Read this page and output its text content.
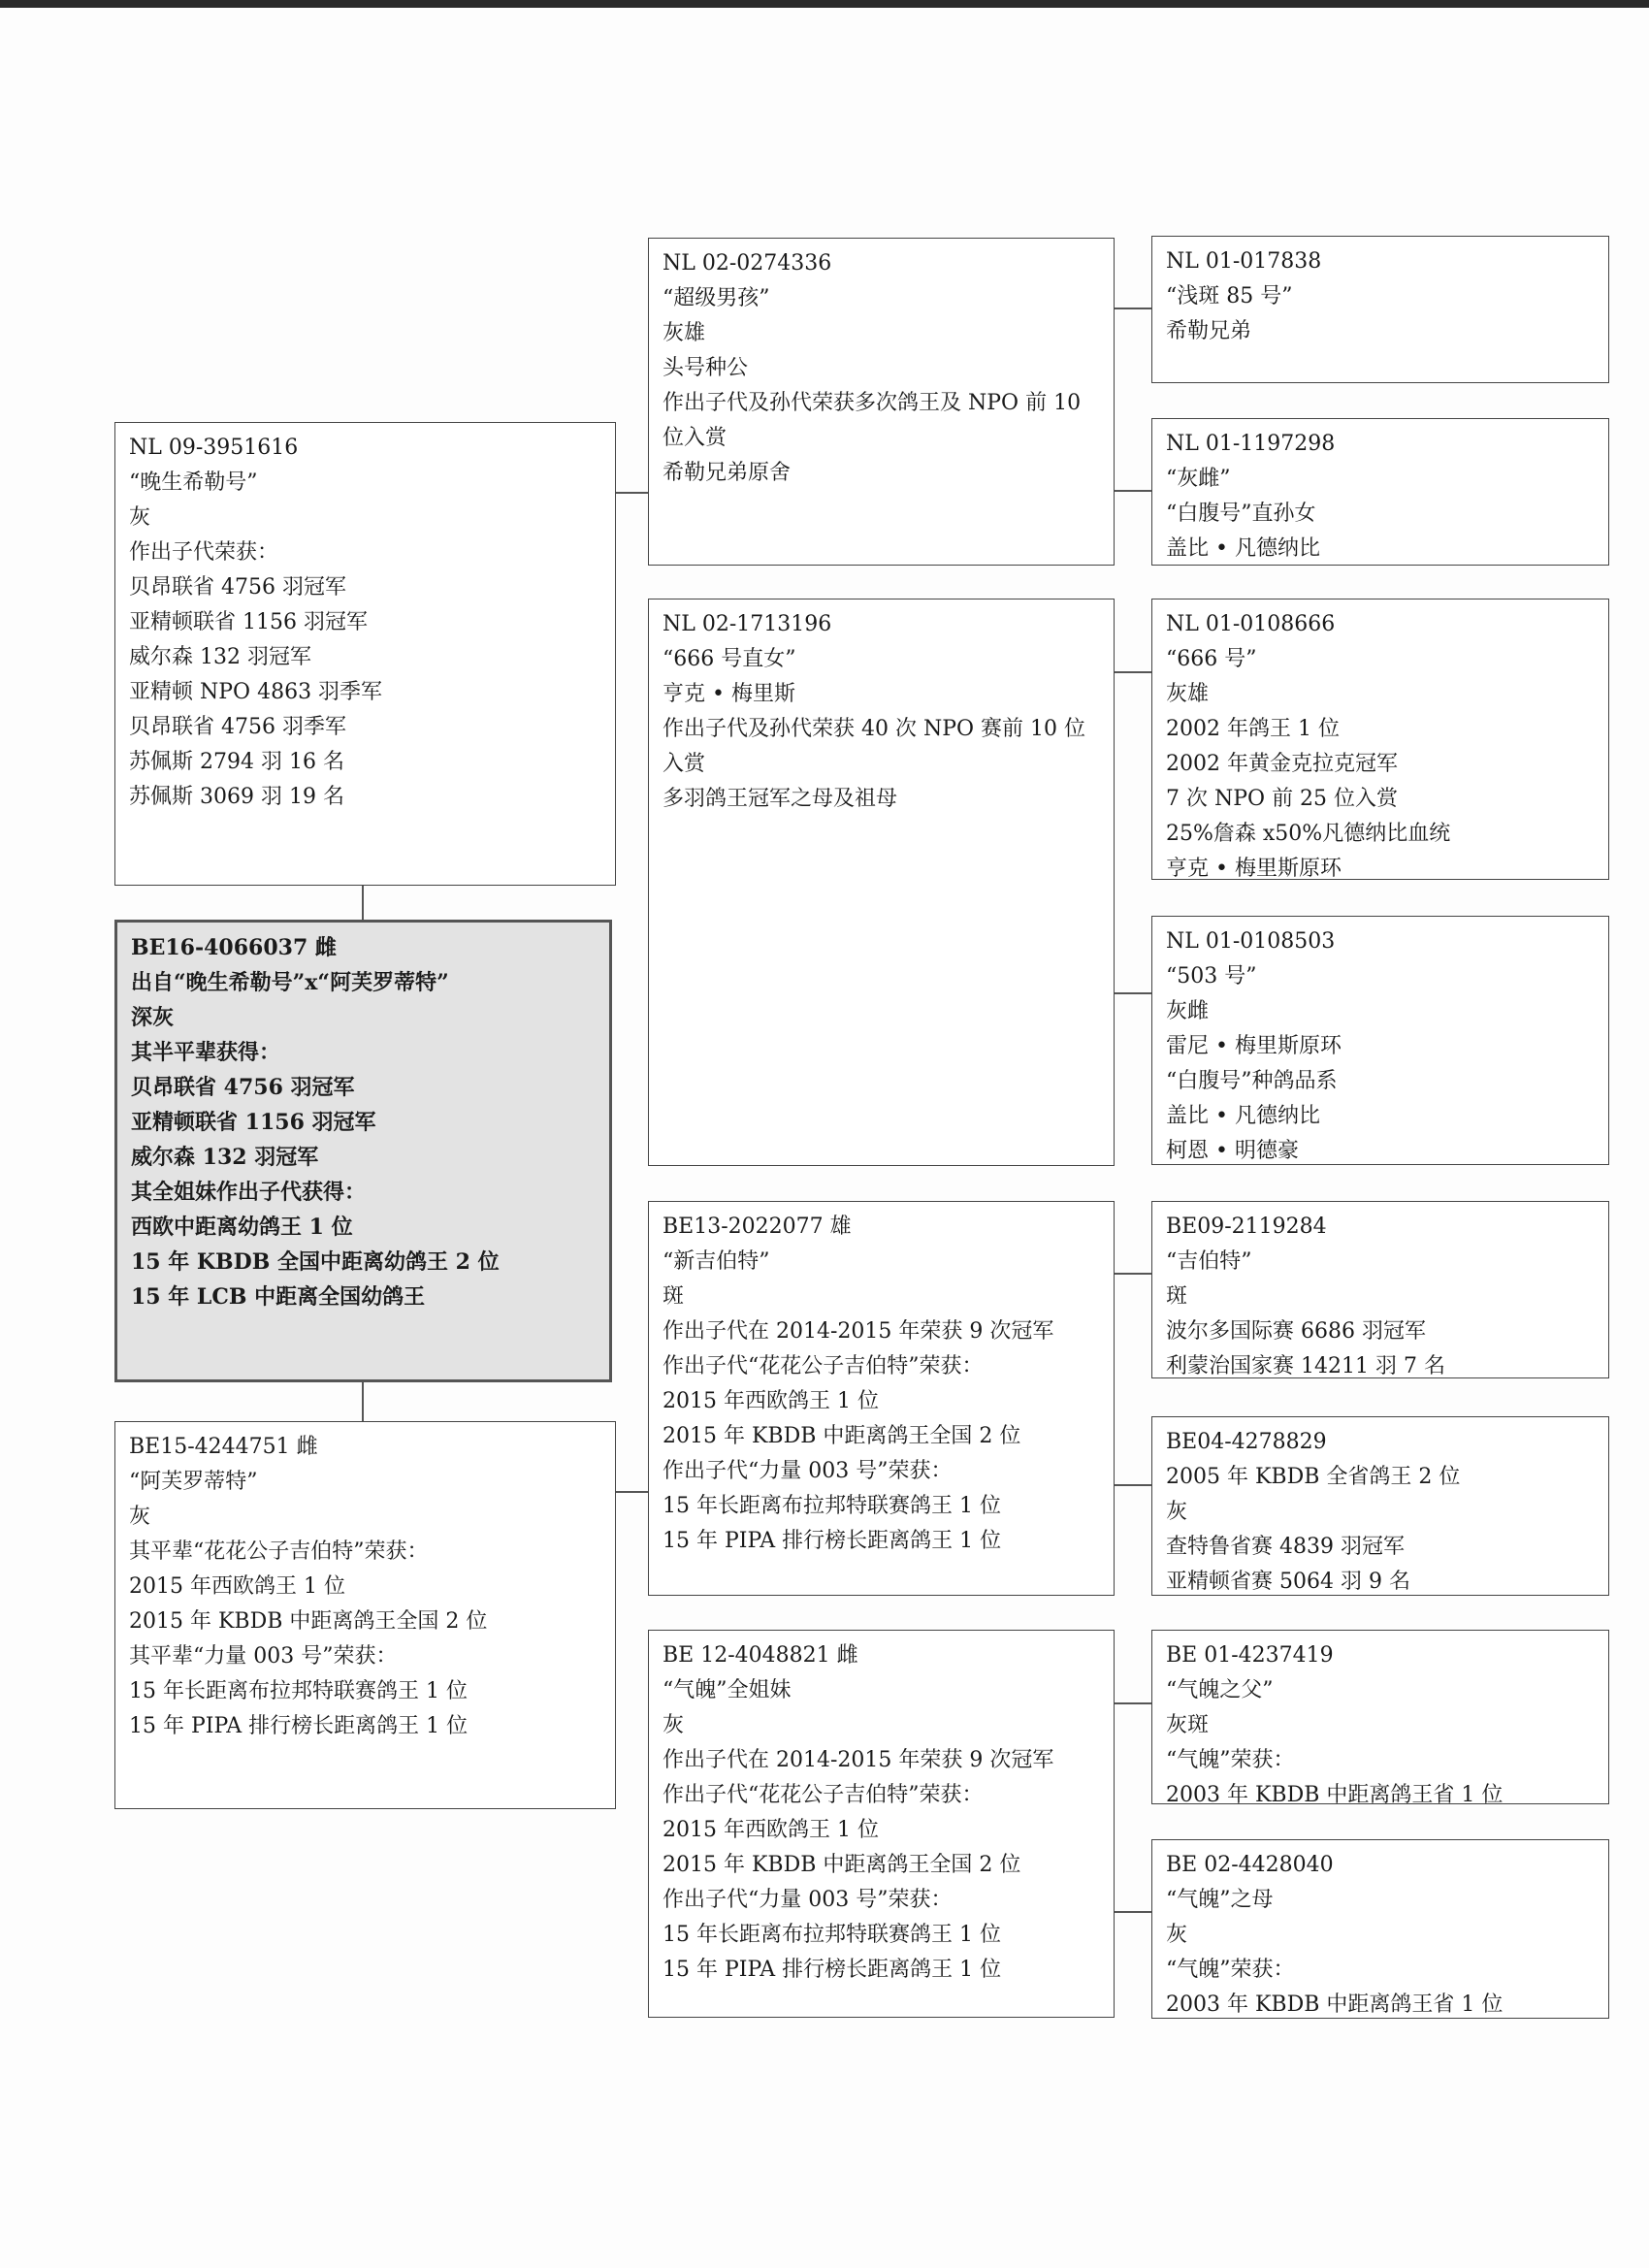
NL 09-3951616
“晚生希勒号”
灰
作出子代荣获：
贝昂联省 4756 羽冠军
亚精顿联省 1156 羽冠军
威尔森 132 羽冠军
亚精顿 NPO 4863 羽季军
贝昂联省 4756 羽季军
苏佩斯 2794 羽 16 名
苏佩斯 3069 羽 19 名
BE16-4066037 雌
出自“晚生希勒号”x“阿芙罗蒂特”
深灰
其半平辈获得：
贝昂联省 4756 羽冠军
亚精顿联省 1156 羽冠军
威尔森 132 羽冠军
其全姐妹作出子代获得：
西欧中距离幼鸽王 1 位
15 年 KBDB 全国中距离幼鸽王 2 位
15 年 LCB 中距离全国幼鸽王
BE15-4244751 雌
“阿芙罗蒂特”
灰
其平辈“花花公子吉伯特”荣获：
2015 年西欧鸽王 1 位
2015 年 KBDB 中距离鸽王全国 2 位
其平辈“力量 003 号”荣获：
15 年长距离布拉邦特联赛鸽王 1 位
15 年 PIPA 排行榜长距离鸽王 1 位
NL 02-0274336
“超级男孩”
灰雄
头号种公
作出子代及孙代荣获多次鸽王及 NPO 前 10 位入赏
希勒兄弟原舍
NL 02-1713196
“666 号直女”
亨克 • 梅里斯
作出子代及孙代荣获 40 次 NPO 赛前 10 位入赏
多羽鸽王冠军之母及祖母
BE13-2022077 雄
“新吉伯特”
斑
作出子代在 2014-2015 年荣获 9 次冠军
作出子代“花花公子吉伯特”荣获：
2015 年西欧鸽王 1 位
2015 年 KBDB 中距离鸽王全国 2 位
作出子代“力量 003 号”荣获：
15 年长距离布拉邦特联赛鸽王 1 位
15 年 PIPA 排行榜长距离鸽王 1 位
BE 12-4048821 雌
“气魄”全姐妹
灰
作出子代在 2014-2015 年荣获 9 次冠军
作出子代“花花公子吉伯特”荣获：
2015 年西欧鸽王 1 位
2015 年 KBDB 中距离鸽王全国 2 位
作出子代“力量 003 号”荣获：
15 年长距离布拉邦特联赛鸽王 1 位
15 年 PIPA 排行榜长距离鸽王 1 位
NL 01-017838
“浅斑 85 号”
希勒兄弟
NL 01-1197298
“灰雌”
“白腹号”直孙女
盖比 • 凡德纳比
NL 01-0108666
“666 号”
灰雄
2002 年鸽王 1 位
2002 年黄金克拉克冠军
7 次 NPO 前 25 位入赏
25%詹森 x50%凡德纳比血统
亨克 • 梅里斯原环
NL 01-0108503
“503 号”
灰雌
雷尼 • 梅里斯原环
“白腹号”种鸽品系
盖比 • 凡德纳比
柯恩 • 明德豪
BE09-2119284
“吉伯特”
斑
波尔多国际赛 6686 羽冠军
利蒙治国家赛 14211 羽 7 名
BE04-4278829
2005 年 KBDB 全省鸽王 2 位
灰
查特鲁省赛 4839 羽冠军
亚精顿省赛 5064 羽 9 名
BE 01-4237419
“气魄之父”
灰斑
“气魄”荣获：
2003 年 KBDB 中距离鸽王省 1 位
BE 02-4428040
“气魄”之母
灰
“气魄”荣获：
2003 年 KBDB 中距离鸽王省 1 位
